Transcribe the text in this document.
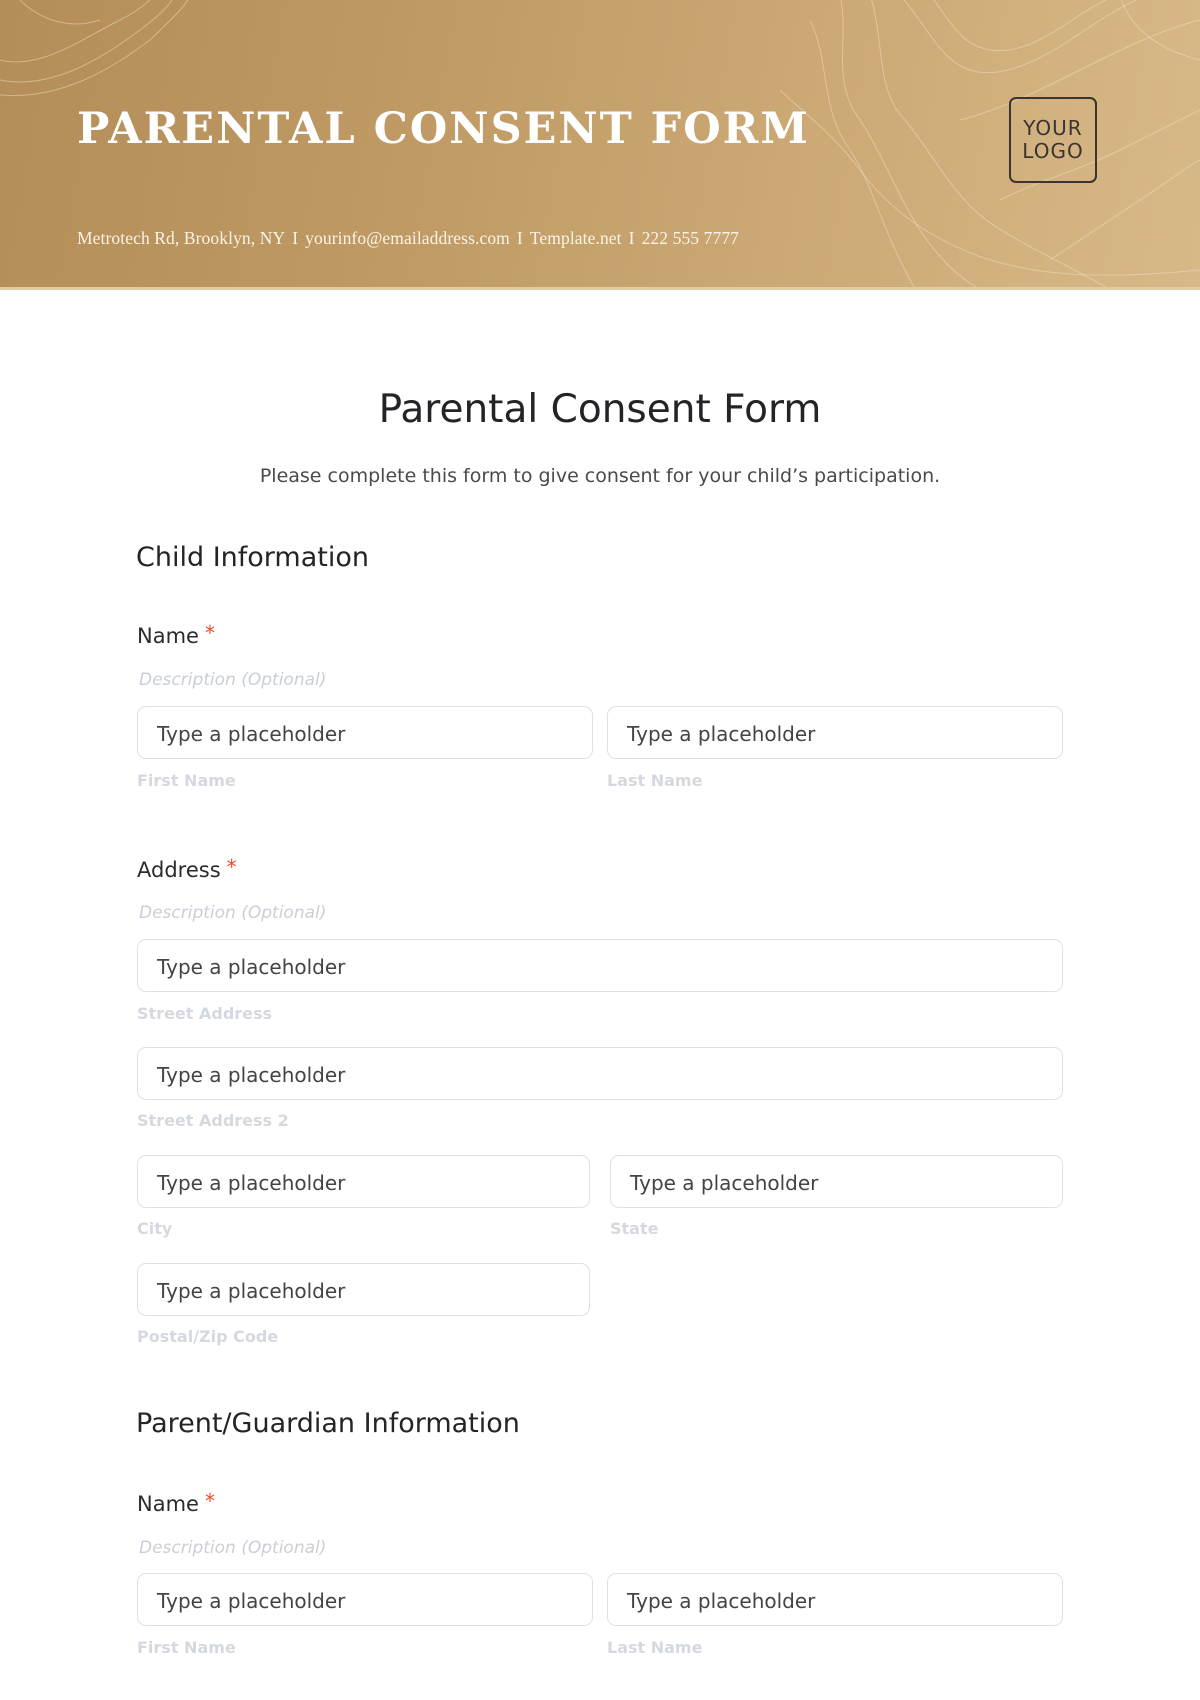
PARENTAL CONSENT FORM
Metrotech Rd, Brooklyn, NY I yourinfo@emailaddress.com I Template.net I 222 555 7777
YOUR
LOGO
Parental Consent Form
Please complete this form to give consent for your child’s participation.
Child Information
Name *
Description (Optional)
Type a placeholder
First Name
Type a placeholder
Last Name
Address *
Description (Optional)
Type a placeholder
Street Address
Type a placeholder
Street Address 2
Type a placeholder
City
Type a placeholder
State
Type a placeholder
Postal/Zip Code
Parent/Guardian Information
Name *
Description (Optional)
Type a placeholder
First Name
Type a placeholder
Last Name
